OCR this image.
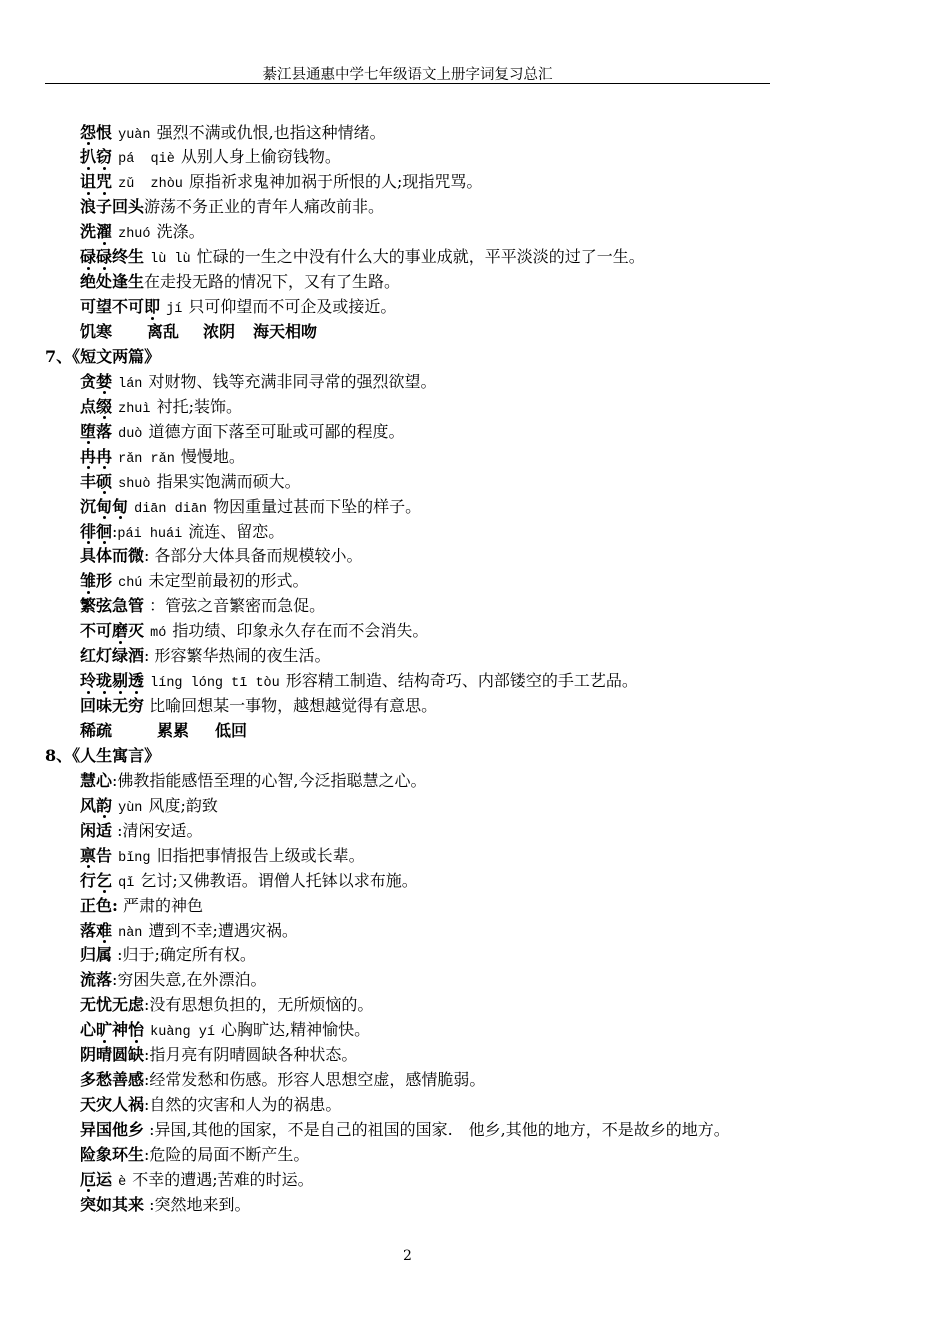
綦江县通惠中学七年级语文上册字词复习总汇
怨恨 yuàn 强烈不满或仇恨,也指这种情绪。
扒窃 pá  qiè 从别人身上偷窃钱物。
诅咒 zǔ  zhòu 原指祈求鬼神加祸于所恨的人;现指咒骂。
浪子回头游荡不务正业的青年人痛改前非。
洗濯 zhuó 洗涤。
碌碌终生 lù lù 忙碌的一生之中没有什么大的事业成就，平平淡淡的过了一生。
绝处逢生在走投无路的情况下，又有了生路。
可望不可即 jí 只可仰望而不可企及或接近。
饥寒 离乱 浓阴 海天相吻
7、《短文两篇》
贪婪 lán 对财物、钱等充满非同寻常的强烈欲望。
点缀 zhuì 衬托;装饰。
堕落 duò 道德方面下落至可耻或可鄙的程度。
冉冉 rǎn rǎn 慢慢地。
丰硕 shuò 指果实饱满而硕大。
沉甸甸 diān diān 物因重量过甚而下坠的样子。
徘徊:pái huái 流连、留恋。
具体而微: 各部分大体具备而规模较小。
雏形 chú 未定型前最初的形式。
繁弦急管 ：管弦之音繁密而急促。
不可磨灭 mó 指功绩、印象永久存在而不会消失。
红灯绿酒: 形容繁华热闹的夜生活。
玲珑剔透 líng lóng tī tòu 形容精工制造、结构奇巧、内部镂空的手工艺品。
回味无穷 比喻回想某一事物，越想越觉得有意思。
稀疏	累累 低回
8、《人生寓言》
慧心:佛教指能感悟至理的心智,今泛指聪慧之心。
风韵 yùn 风度;韵致
闲适 :清闲安适。
禀告 bǐng 旧指把事情报告上级或长辈。
行乞 qǐ 乞讨;又佛教语。谓僧人托钵以求布施。
正色: 严肃的神色
落难 nàn 遭到不幸;遭遇灾祸。
归属 :归于;确定所有权。
流落:穷困失意,在外漂泊。
无忧无虑:没有思想负担的，无所烦恼的。
心旷神怡 kuàng yí 心胸旷达,精神愉快。
阴晴圆缺:指月亮有阴晴圆缺各种状态。
多愁善感:经常发愁和伤感。形容人思想空虚，感情脆弱。
天灾人祸:自然的灾害和人为的祸患。
异国他乡 :异国,其他的国家，不是自己的祖国的国家.　他乡,其他的地方，不是故乡的地方。
险象环生:危险的局面不断产生。
厄运 è 不幸的遭遇;苦难的时运。
突如其来 :突然地来到。
2
